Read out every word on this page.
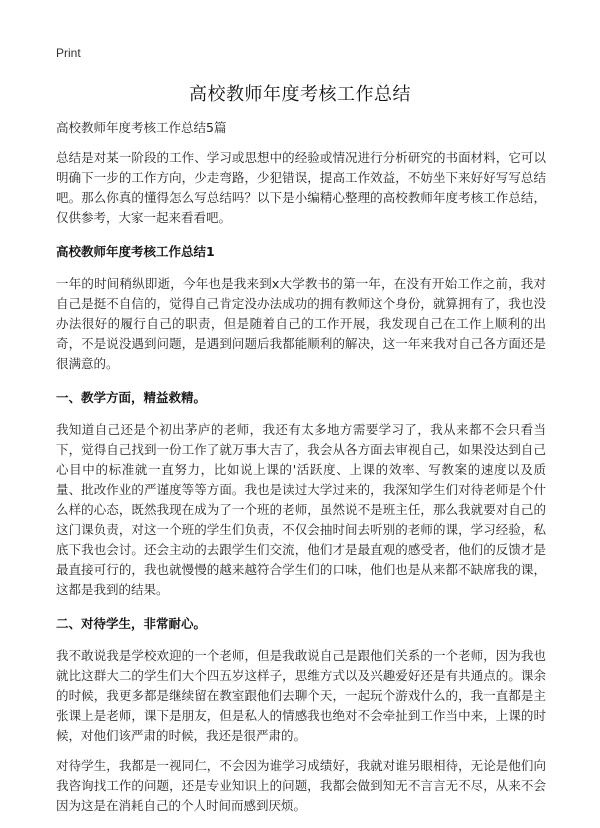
Print
高校教师年度考核工作总结
高校教师年度考核工作总结5篇

总结是对某一阶段的工作、学习或思想中的经验或情况进行分析研究的书面材料，它可以明确下一步的工作方向，少走弯路，少犯错误，提高工作效益，不妨坐下来好好写写总结吧。那么你真的懂得怎么写总结吗？以下是小编精心整理的高校教师年度考核工作总结，仅供参考，大家一起来看看吧。

高校教师年度考核工作总结1

一年的时间稍纵即逝，今年也是我来到x大学教书的第一年，在没有开始工作之前，我对自己是挺不自信的，觉得自己肯定没办法成功的拥有教师这个身份，就算拥有了，我也没办法很好的履行自己的职责，但是随着自己的工作开展，我发现自己在工作上顺利的出奇，不是说没遇到问题，是遇到问题后我都能顺利的解决，这一年来我对自己各方面还是很满意的。

一、教学方面，精益救精。

我知道自己还是个初出茅庐的老师，我还有太多地方需要学习了，我从来都不会只看当下，觉得自己找到一份工作了就万事大吉了，我会从各方面去审视自己，如果没达到自己心目中的标准就一直努力，比如说上课的'活跃度、上课的效率、写教案的速度以及质量、批改作业的严谨度等等方面。我也是读过大学过来的，我深知学生们对待老师是个什么样的心态，既然我现在成为了一个班的老师，虽然说不是班主任，那么我就要对自己的这门课负责，对这一个班的学生们负责，不仅会抽时间去听别的老师的课，学习经验，私底下我也会讨。还会主动的去跟学生们交流，他们才是最直观的感受者，他们的反馈才是最直接可行的，我也就慢慢的越来越符合学生们的口味，他们也是从来都不缺席我的课，这都是我到的结果。

二、对待学生，非常耐心。

我不敢说我是学校欢迎的一个老师，但是我敢说自己是跟他们关系的一个老师，因为我也就比这群大二的学生们大个四五岁这样子，思维方式以及兴趣爱好还是有共通点的。课余的时候，我更多都是继续留在教室跟他们去聊个天，一起玩个游戏什么的，我一直都是主张课上是老师，课下是朋友，但是私人的情感我也绝对不会牵扯到工作当中来，上课的时候，对他们该严肃的时候，我还是很严肃的。

对待学生，我都是一视同仁，不会因为谁学习成绩好，我就对谁另眼相待，无论是他们向我咨询找工作的问题，还是专业知识上的问题，我都会做到知无不言言无不尽，从来不会因为这是在消耗自己的个人时间而感到厌烦。
